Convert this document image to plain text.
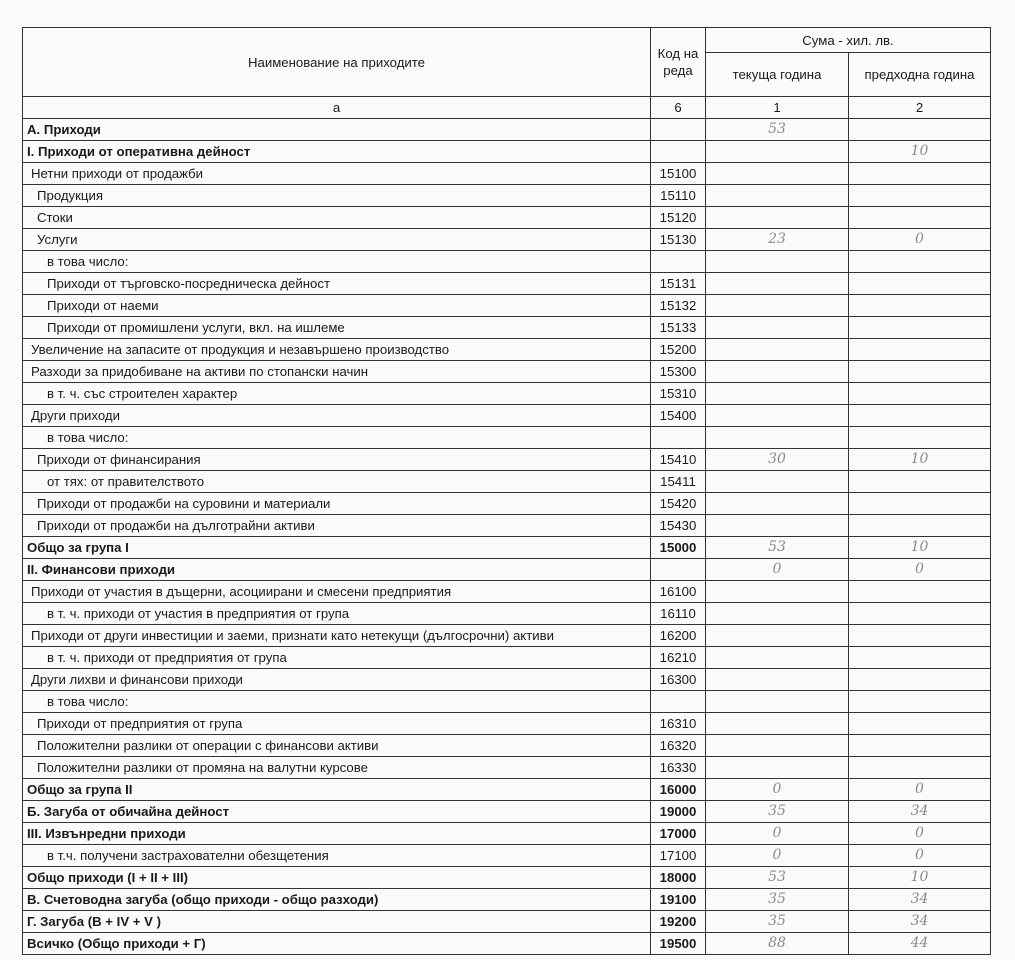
Наименование на приходите	Код на реда	Сума - хил. лв.	
		текуща година	предходна година
а	6	1	2
А. Приходи		53	
I. Приходи от оперативна дейност			10
Нетни приходи от продажби	15100		
Продукция	15110		
Стоки	15120		
Услуги	15130	23	0
в това число:			
Приходи от търговско-посредническа дейност	15131		
Приходи от наеми	15132		
Приходи от промишлени услуги, вкл. на ишлеме	15133		
Увеличение на запасите от продукция и незавършено производство	15200		
Разходи за придобиване на активи по стопански начин	15300		
в т. ч. със строителен характер	15310		
Други приходи	15400		
в това число:			
Приходи от финансирания	15410	30	10
от тях: от правителството	15411		
Приходи от продажби на суровини и материали	15420		
Приходи от продажби на дълготрайни активи	15430		
Общо за група I	15000	53	10
II. Финансови приходи		0	0
Приходи от участия в дъщерни, асоциирани и смесени предприятия	16100		
в т. ч. приходи от участия в предприятия от група	16110		
Приходи от други инвестиции и заеми, признати като нетекущи (дългосрочни) активи	16200		
в т. ч. приходи от предприятия от група	16210		
Други лихви и финансови приходи	16300		
в това число:			
Приходи от предприятия от група	16310		
Положителни разлики от операции с финансови активи	16320		
Положителни разлики от промяна на валутни курсове	16330		
Общо за група II	16000	0	0
Б. Загуба от обичайна дейност	19000	35	34
III. Извънредни приходи	17000	0	0
в т.ч. получени застрахователни обезщетения	17100	0	0
Общо приходи (I + II + III)	18000	53	10
В. Счетоводна загуба (общо приходи - общо разходи)	19100	35	34
Г. Загуба (В + IV + V )	19200	35	34
Всичко (Общо приходи + Г)	19500	88	44
